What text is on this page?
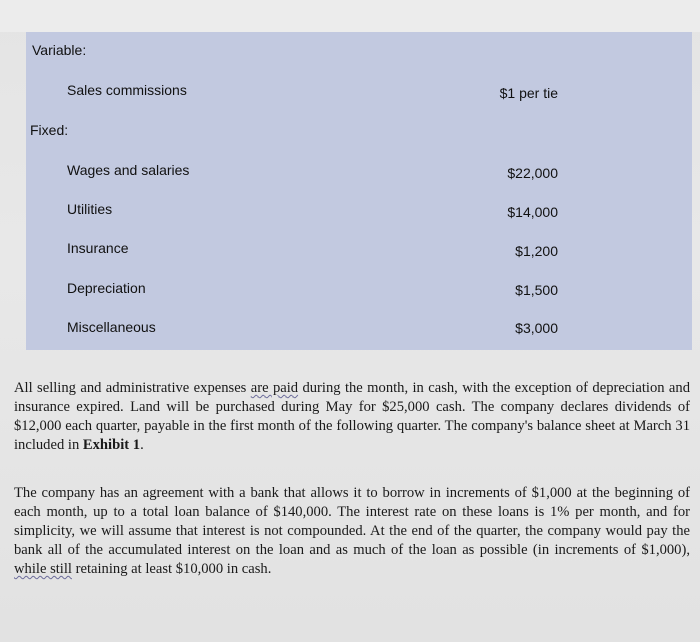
Variable:
Sales commissions	$1 per tie
Fixed:
Wages and salaries	$22,000
Utilities	$14,000
Insurance	$1,200
Depreciation	$1,500
Miscellaneous	$3,000
All selling and administrative expenses are paid during the month, in cash, with the exception of depreciation and insurance expired. Land will be purchased during May for $25,000 cash. The company declares dividends of $12,000 each quarter, payable in the first month of the following quarter. The company's balance sheet at March 31 included in Exhibit 1.
The company has an agreement with a bank that allows it to borrow in increments of $1,000 at the beginning of each month, up to a total loan balance of $140,000. The interest rate on these loans is 1% per month, and for simplicity, we will assume that interest is not compounded. At the end of the quarter, the company would pay the bank all of the accumulated interest on the loan and as much of the loan as possible (in increments of $1,000), while still retaining at least $10,000 in cash.
